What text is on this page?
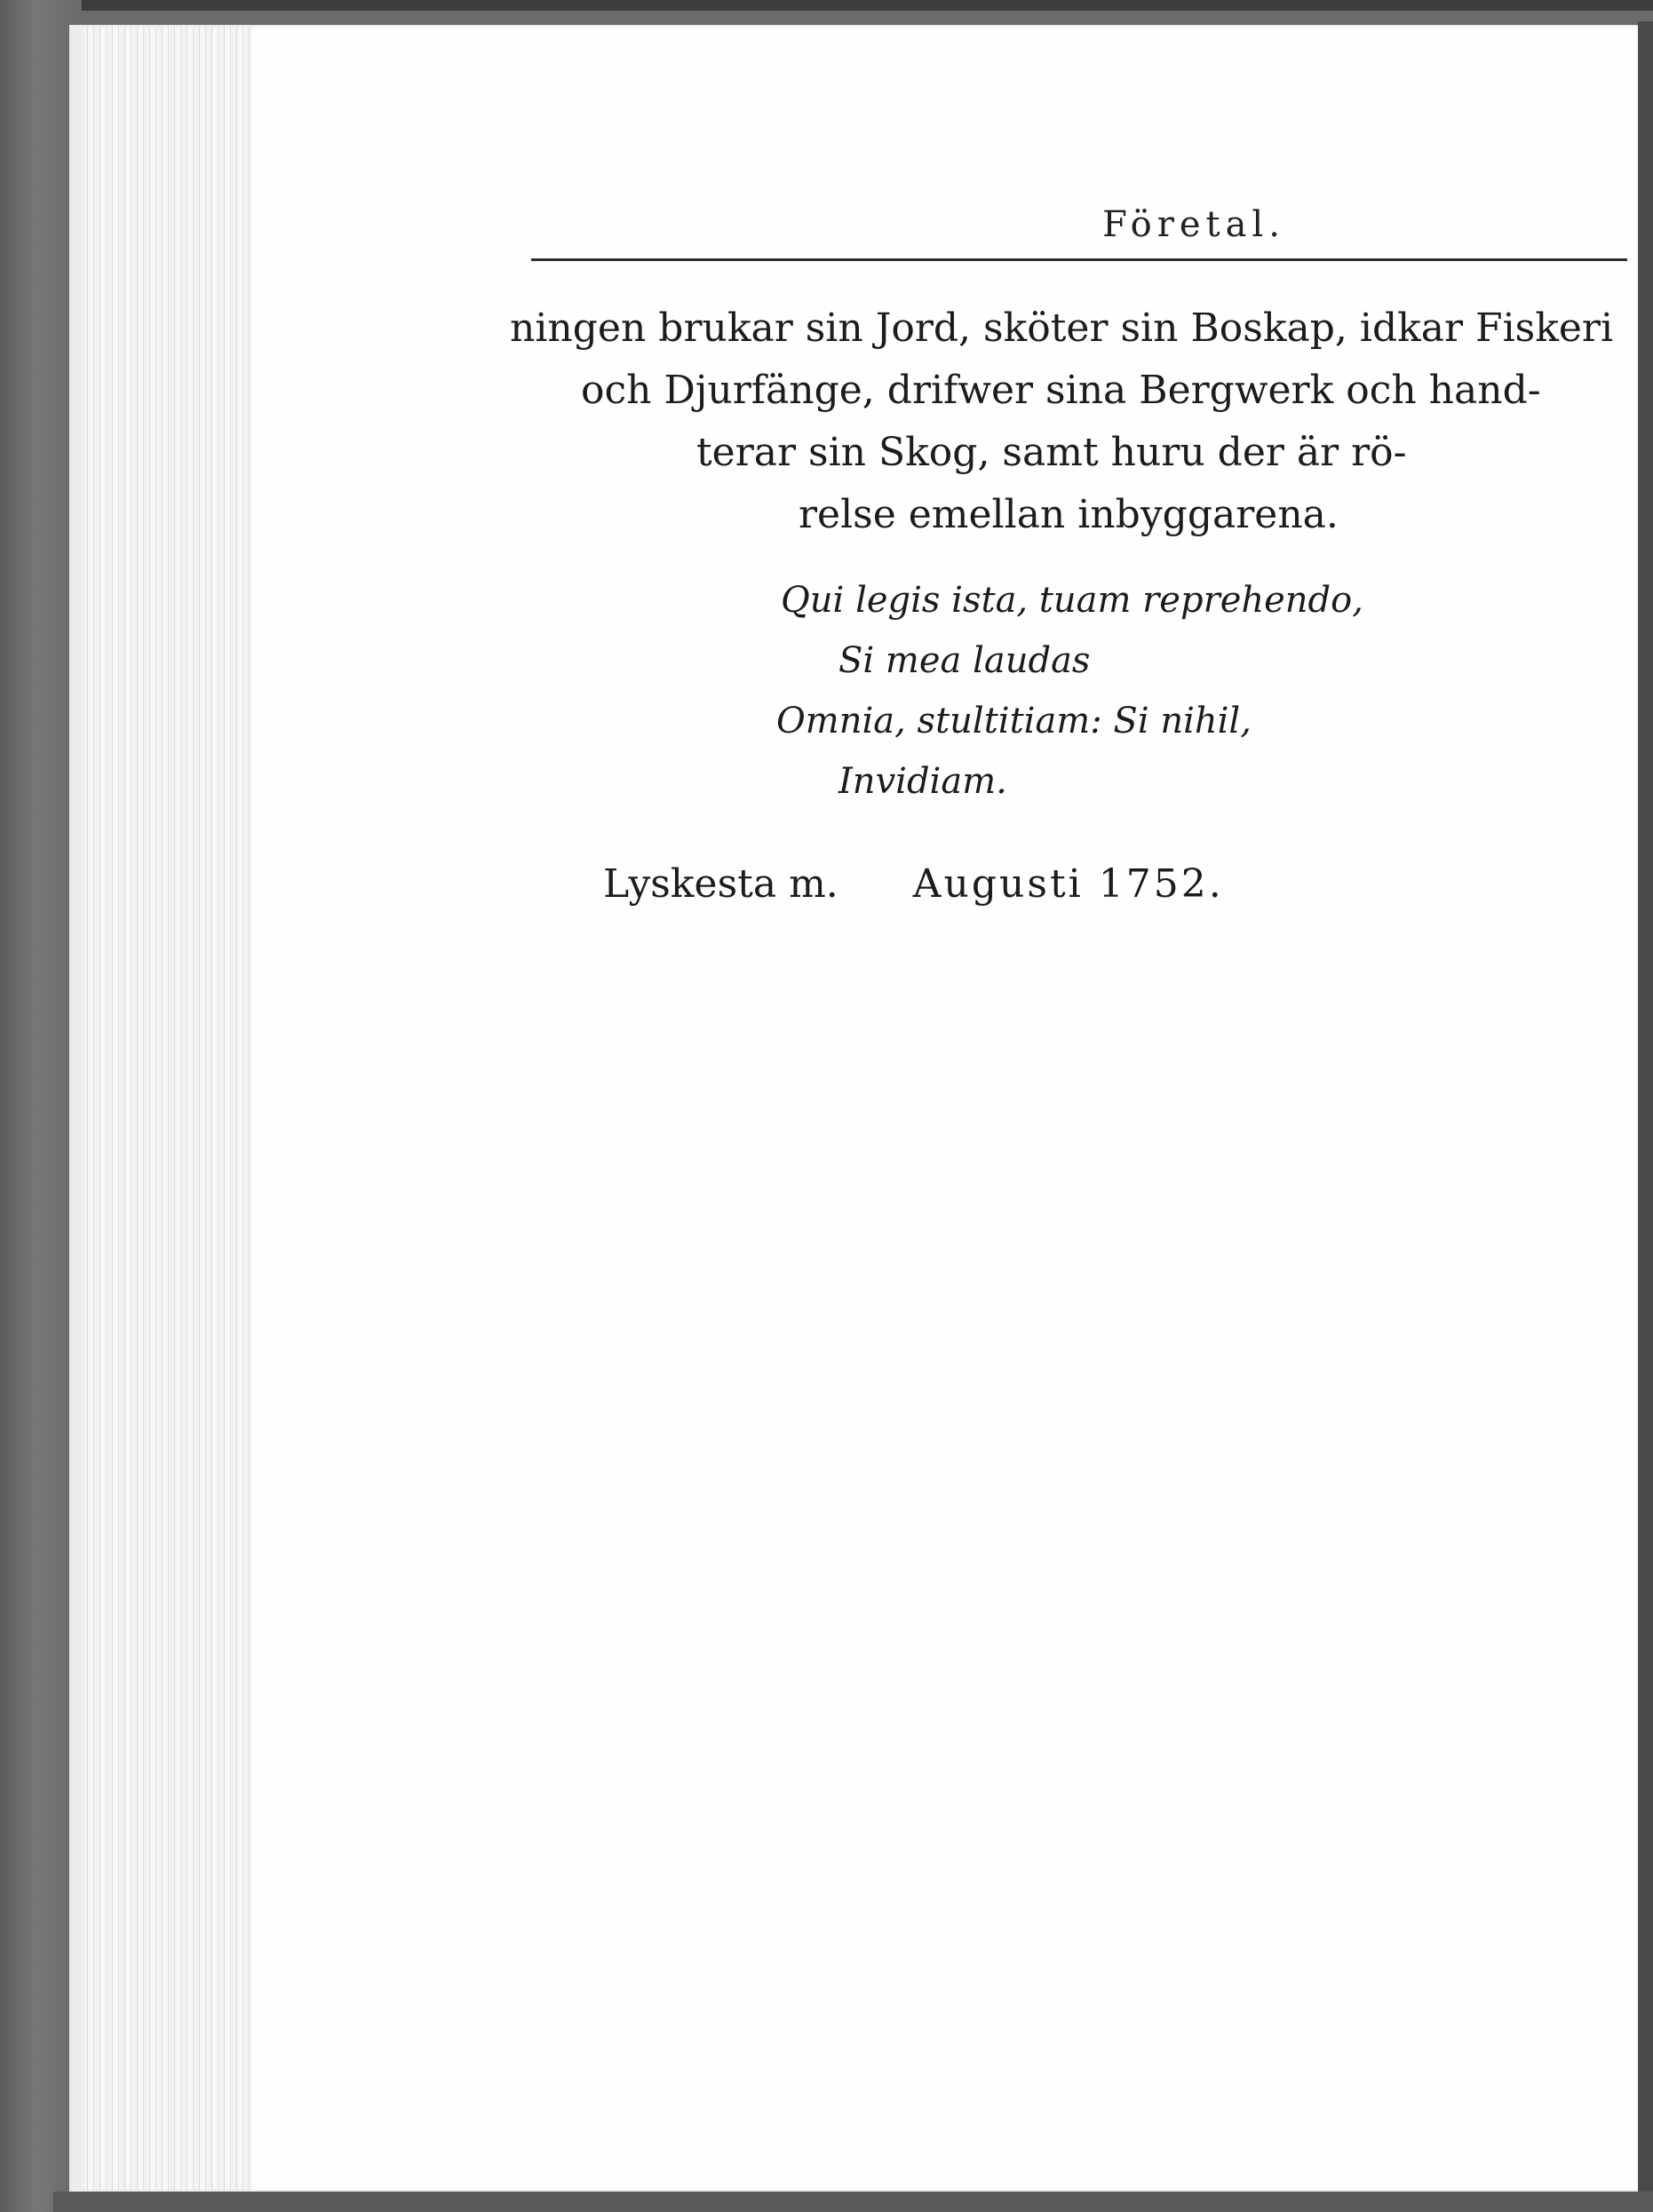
Företal.
ningen brukar sin Jord, sköter sin Boskap, idkar Fiskeri
och Djurfänge, drifwer sina Bergwerk och hand-
terar sin Skog, samt huru der är rö-
relse emellan inbyggarena.
Qui legis ista, tuam reprehendo,
Si mea laudas
Omnia, stultitiam: Si nihil,
Invidiam.
Lyskesta m. Augusti 1752.
